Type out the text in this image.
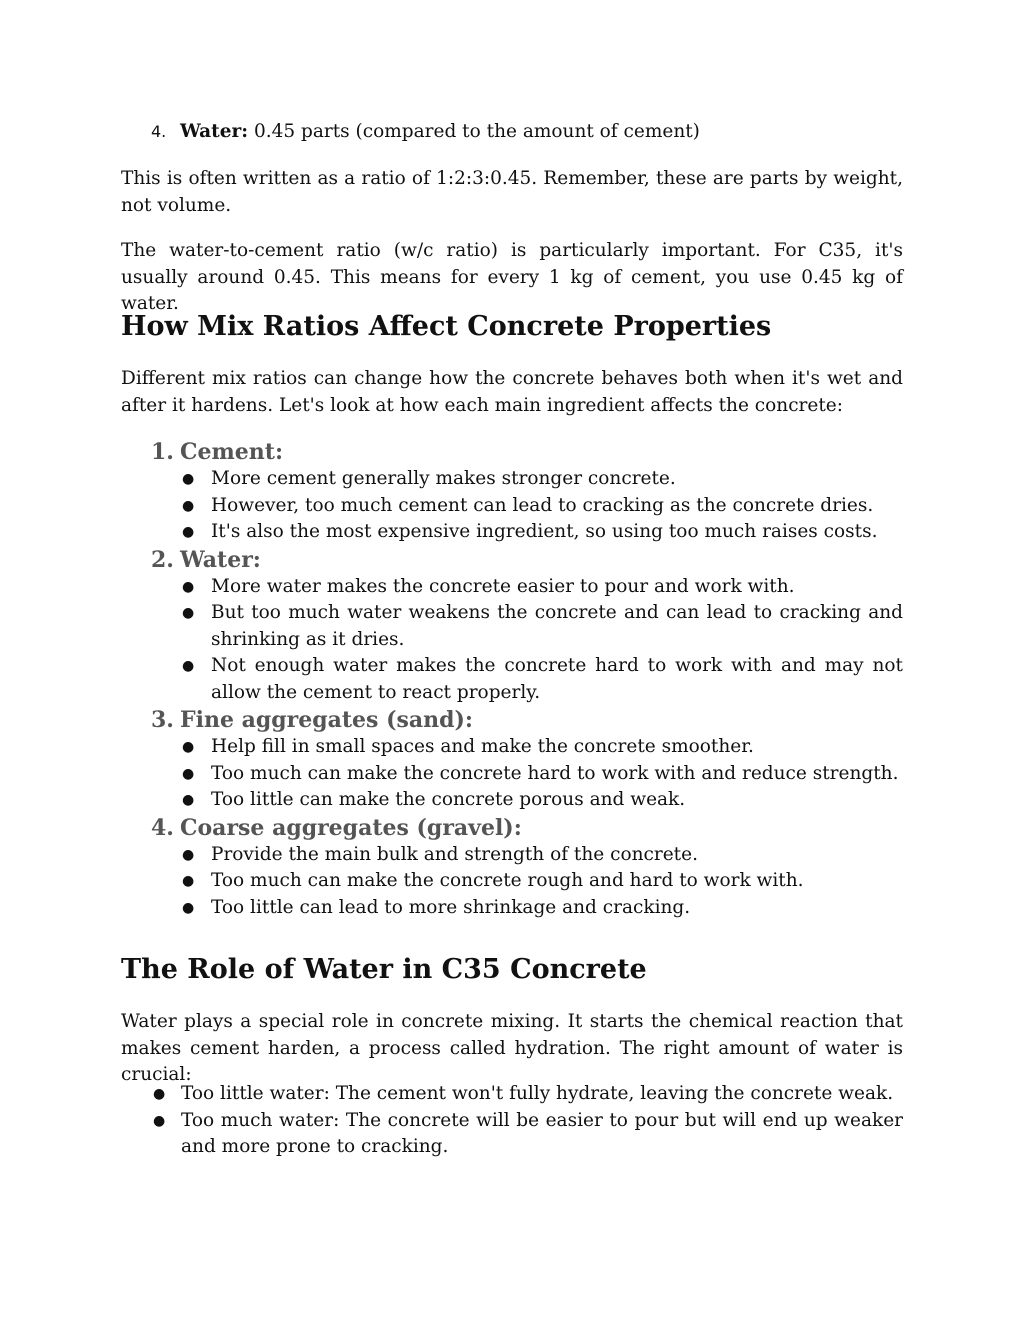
4. Water: 0.45 parts (compared to the amount of cement)

This is often written as a ratio of 1:2:3:0.45. Remember, these are parts by weight, not volume.

The water-to-cement ratio (w/c ratio) is particularly important. For C35, it's usually around 0.45. This means for every 1 kg of cement, you use 0.45 kg of water.

How Mix Ratios Affect Concrete Properties

Different mix ratios can change how the concrete behaves both when it's wet and after it hardens. Let's look at how each main ingredient affects the concrete:

1. Cement:
● More cement generally makes stronger concrete.
● However, too much cement can lead to cracking as the concrete dries.
● It's also the most expensive ingredient, so using too much raises costs.
2. Water:
● More water makes the concrete easier to pour and work with.
● But too much water weakens the concrete and can lead to cracking and shrinking as it dries.
● Not enough water makes the concrete hard to work with and may not allow the cement to react properly.
3. Fine aggregates (sand):
● Help fill in small spaces and make the concrete smoother.
● Too much can make the concrete hard to work with and reduce strength.
● Too little can make the concrete porous and weak.
4. Coarse aggregates (gravel):
● Provide the main bulk and strength of the concrete.
● Too much can make the concrete rough and hard to work with.
● Too little can lead to more shrinkage and cracking.
The Role of Water in C35 Concrete

Water plays a special role in concrete mixing. It starts the chemical reaction that makes cement harden, a process called hydration. The right amount of water is crucial:

● Too little water: The cement won't fully hydrate, leaving the concrete weak.
● Too much water: The concrete will be easier to pour but will end up weaker and more prone to cracking.
